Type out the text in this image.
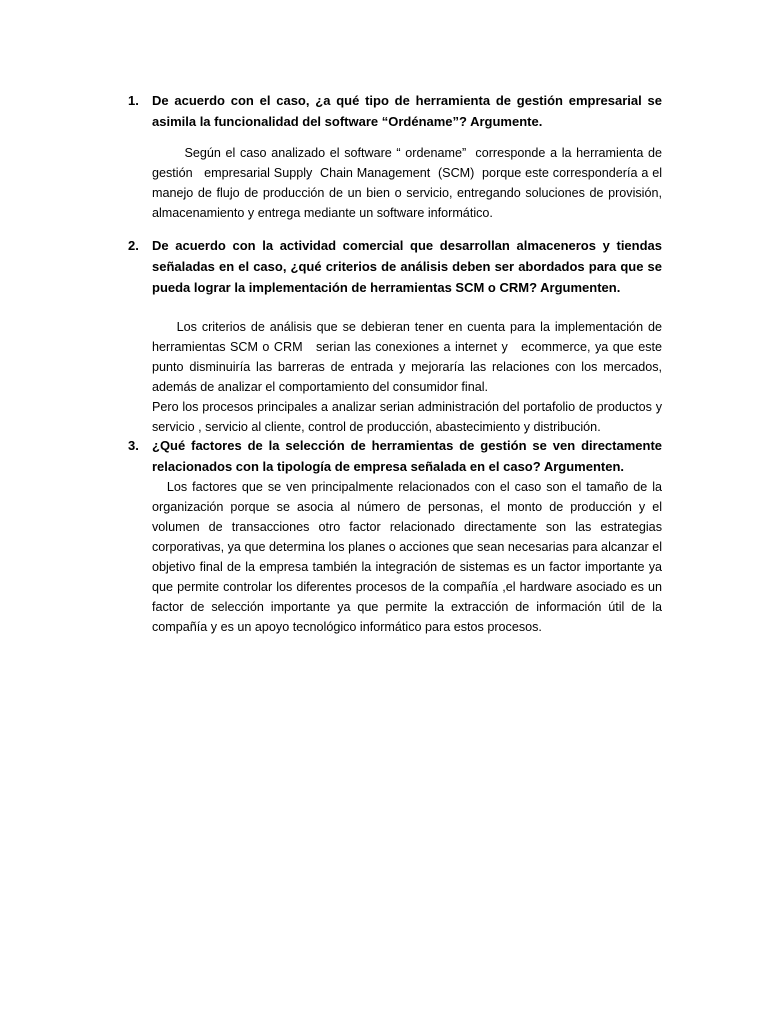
1.	De acuerdo con el caso, ¿a qué tipo de herramienta de gestión empresarial se asimila la funcionalidad del software “Ordéname”? Argumente.
Según el caso analizado el software “ ordename”  corresponde a la herramienta de gestión   empresarial Supply  Chain Management  (SCM)  porque este correspondería a el manejo de flujo de producción de un bien o servicio, entregando soluciones de provisión, almacenamiento y entrega mediante un software informático.
2.	De acuerdo con la actividad comercial que desarrollan almaceneros y tiendas señaladas en el caso, ¿qué criterios de análisis deben ser abordados para que se pueda lograr la implementación de herramientas SCM o CRM? Argumenten.
Los criterios de análisis que se debieran tener en cuenta para la implementación de herramientas SCM o CRM   serian las conexiones a internet y   ecommerce, ya que este punto disminuiría las barreras de entrada y mejoraría las relaciones con los mercados, además de analizar el comportamiento del consumidor final.
Pero los procesos principales a analizar serian administración del portafolio de productos y servicio , servicio al cliente, control de producción, abastecimiento y distribución.
3.	¿Qué factores de la selección de herramientas de gestión se ven directamente relacionados con la tipología de empresa señalada en el caso? Argumenten.
Los factores que se ven principalmente relacionados con el caso son el tamaño de la organización porque se asocia al número de personas, el monto de producción y el volumen de transacciones otro factor relacionado directamente son las estrategias corporativas, ya que determina los planes o acciones que sean necesarias para alcanzar el objetivo final de la empresa también la integración de sistemas es un factor importante ya que permite controlar los diferentes procesos de la compañía ,el hardware asociado es un factor de selección importante ya que permite la extracción de información útil de la compañía y es un apoyo tecnológico informático para estos procesos.
